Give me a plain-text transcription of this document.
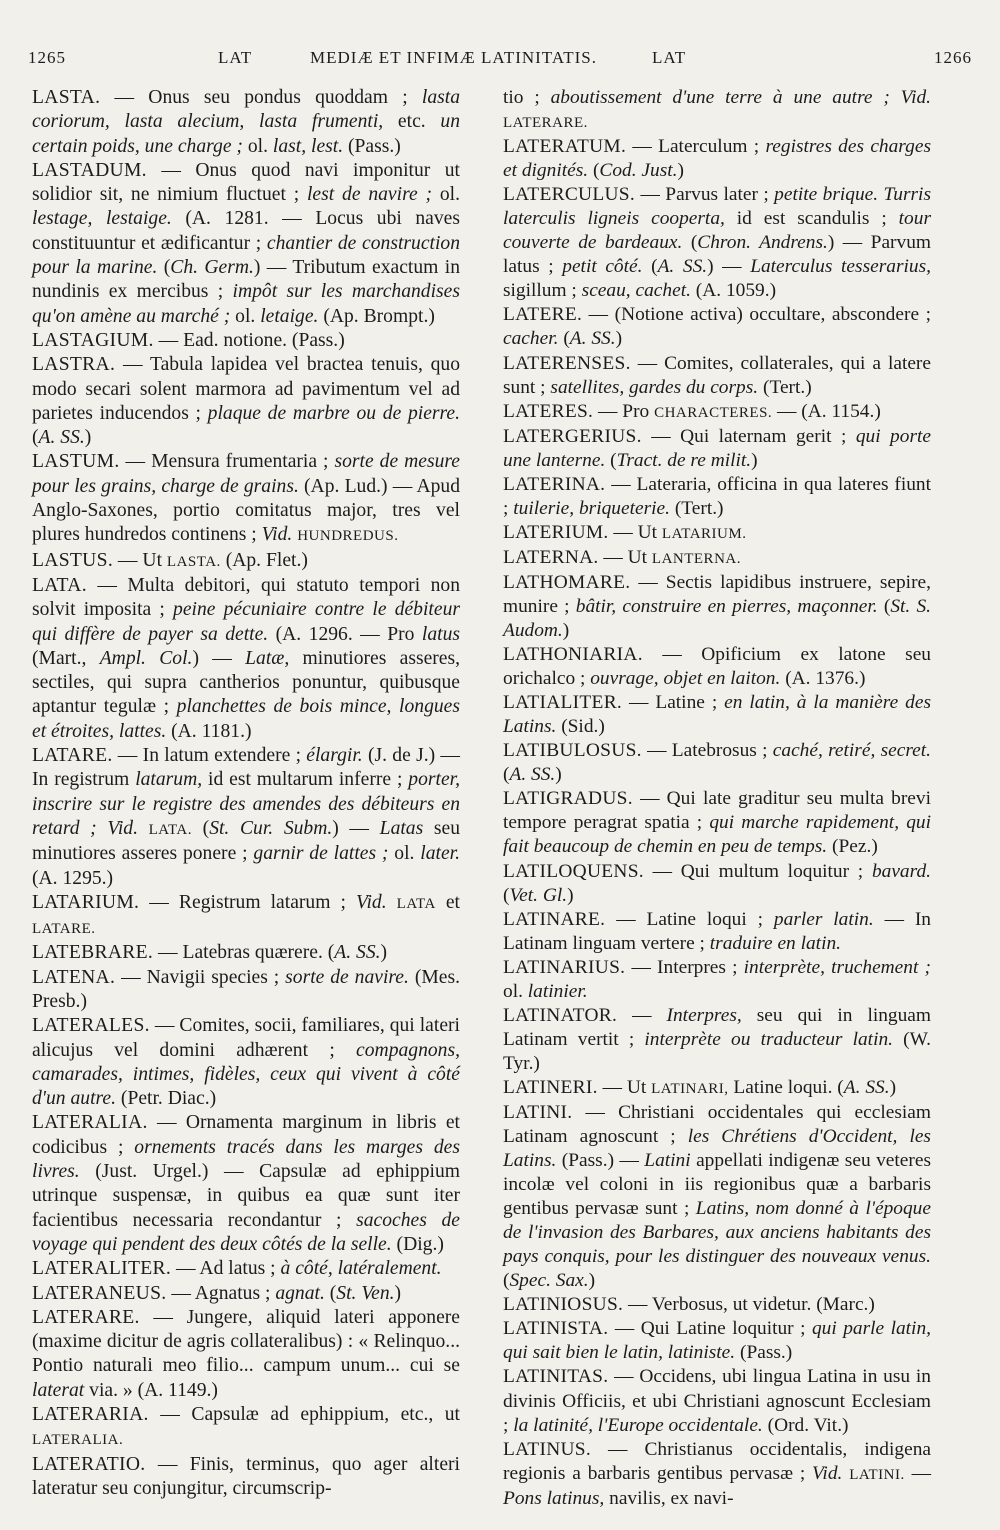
1265	LAT	MEDIÆ ET INFIMÆ LATINITATIS.	LAT	1266

LASTA. — Onus seu pondus quoddam ; lasta coriorum, lasta alecium, lasta frumenti, etc. un certain poids, une charge ; ol. last, lest. (Pass.)

LASTADUM. — Onus quod navi imponitur ut solidior sit, ne nimium fluctuet ; lest de navire ; ol. lestage, lestaige. (A. 1281. — Locus ubi naves constituuntur et ædificantur ; chantier de construction pour la marine. (Ch. Germ.) — Tributum exactum in nundinis ex mercibus ; impôt sur les marchandises qu'on amène au marché ; ol. letaige. (Ap. Brompt.)

LASTAGIUM. — Ead. notione. (Pass.)

LASTRA. — Tabula lapidea vel bractea tenuis, quo modo secari solent marmora ad pavimentum vel ad parietes inducendos ; plaque de marbre ou de pierre. (A. SS.)

LASTUM. — Mensura frumentaria ; sorte de mesure pour les grains, charge de grains. (Ap. Lud.) — Apud Anglo-Saxones, portio comitatus major, tres vel plures hundredos continens ; Vid. HUNDREDUS.

LASTUS. — Ut LASTA. (Ap. Flet.)

LATA. — Multa debitori, qui statuto tempori non solvit imposita ; peine pécuniaire contre le débiteur qui diffère de payer sa dette. (A. 1296. — Pro latus (Mart., Ampl. Col.) — Latæ, minutiores asseres, sectiles, qui supra cantherios ponuntur, quibusque aptantur tegulæ ; planchettes de bois mince, longues et étroites, lattes. (A. 1181.)

LATARE. — In latum extendere ; élargir. (J. de J.) — In registrum latarum, id est multarum inferre ; porter, inscrire sur le registre des amendes des débiteurs en retard ; Vid. LATA. (St. Cur. Subm.) — Latas seu minutiores asseres ponere ; garnir de lattes ; ol. later. (A. 1295.)

LATARIUM. — Registrum latarum ; Vid. LATA et LATARE.

LATEBRARE. — Latebras quærere. (A. SS.)

LATENA. — Navigii species ; sorte de navire. (Mes. Presb.)

LATERALES. — Comites, socii, familiares, qui lateri alicujus vel domini adhærent ; compagnons, camarades, intimes, fidèles, ceux qui vivent à côté d'un autre. (Petr. Diac.)

LATERALIA. — Ornamenta marginum in libris et codicibus ; ornements tracés dans les marges des livres. (Just. Urgel.) — Capsulæ ad ephippium utrinque suspensæ, in quibus ea quæ sunt iter facientibus necessaria recondantur ; sacoches de voyage qui pendent des deux côtés de la selle. (Dig.)

LATERALITER. — Ad latus ; à côté, latéralement.

LATERANEUS. — Agnatus ; agnat. (St. Ven.)

LATERARE. — Jungere, aliquid lateri apponere (maxime dicitur de agris collateralibus) : « Relinquo... Pontio naturali meo filio... campum unum... cui se laterat via. » (A. 1149.)

LATERARIA. — Capsulæ ad ephippium, etc., ut LATERALIA.

LATERATIO. — Finis, terminus, quo ager alteri lateratur seu conjungitur, circumscrip-

tio ; aboutissement d'une terre à une autre ; Vid. LATERARE.

LATERATUM. — Laterculum ; registres des charges et dignités. (Cod. Just.)

LATERCULUS. — Parvus later ; petite brique. Turris laterculis ligneis cooperta, id est scandulis ; tour couverte de bardeaux. (Chron. Andrens.) — Parvum latus ; petit côté. (A. SS.) — Laterculus tesserarius, sigillum ; sceau, cachet. (A. 1059.)

LATERE. — (Notione activa) occultare, abscondere ; cacher. (A. SS.)

LATERENSES. — Comites, collaterales, qui a latere sunt ; satellites, gardes du corps. (Tert.)

LATERES. — Pro CHARACTERES. — (A. 1154.)

LATERGERIUS. — Qui laternam gerit ; qui porte une lanterne. (Tract. de re milit.)

LATERINA. — Lateraria, officina in qua lateres fiunt ; tuilerie, briqueterie. (Tert.)

LATERIUM. — Ut LATARIUM.

LATERNA. — Ut LANTERNA.

LATHOMARE. — Sectis lapidibus instruere, sepire, munire ; bâtir, construire en pierres, maçonner. (St. S. Audom.)

LATHONIARIA. — Opificium ex latone seu orichalco ; ouvrage, objet en laiton. (A. 1376.)

LATIALITER. — Latine ; en latin, à la manière des Latins. (Sid.)

LATIBULOSUS. — Latebrosus ; caché, retiré, secret. (A. SS.)

LATIGRADUS. — Qui late graditur seu multa brevi tempore peragrat spatia ; qui marche rapidement, qui fait beaucoup de chemin en peu de temps. (Pez.)

LATILOQUENS. — Qui multum loquitur ; bavard. (Vet. Gl.)

LATINARE. — Latine loqui ; parler latin. — In Latinam linguam vertere ; traduire en latin.

LATINARIUS. — Interpres ; interprète, truchement ; ol. latinier.

LATINATOR. — Interpres, seu qui in linguam Latinam vertit ; interprète ou traducteur latin. (W. Tyr.)

LATINERI. — Ut LATINARI, Latine loqui. (A. SS.)

LATINI. — Christiani occidentales qui ecclesiam Latinam agnoscunt ; les Chrétiens d'Occident, les Latins. (Pass.) — Latini appellati indigenæ seu veteres incolæ vel coloni in iis regionibus quæ a barbaris gentibus pervasæ sunt ; Latins, nom donné à l'époque de l'invasion des Barbares, aux anciens habitants des pays conquis, pour les distinguer des nouveaux venus. (Spec. Sax.)

LATINIOSUS. — Verbosus, ut videtur. (Marc.)

LATINISTA. — Qui Latine loquitur ; qui parle latin, qui sait bien le latin, latiniste. (Pass.)

LATINITAS. — Occidens, ubi lingua Latina in usu in divinis Officiis, et ubi Christiani agnoscunt Ecclesiam ; la latinité, l'Europe occidentale. (Ord. Vit.)

LATINUS. — Christianus occidentalis, indigena regionis a barbaris gentibus pervasæ ; Vid. LATINI. — Pons latinus, navilis, ex navi-
